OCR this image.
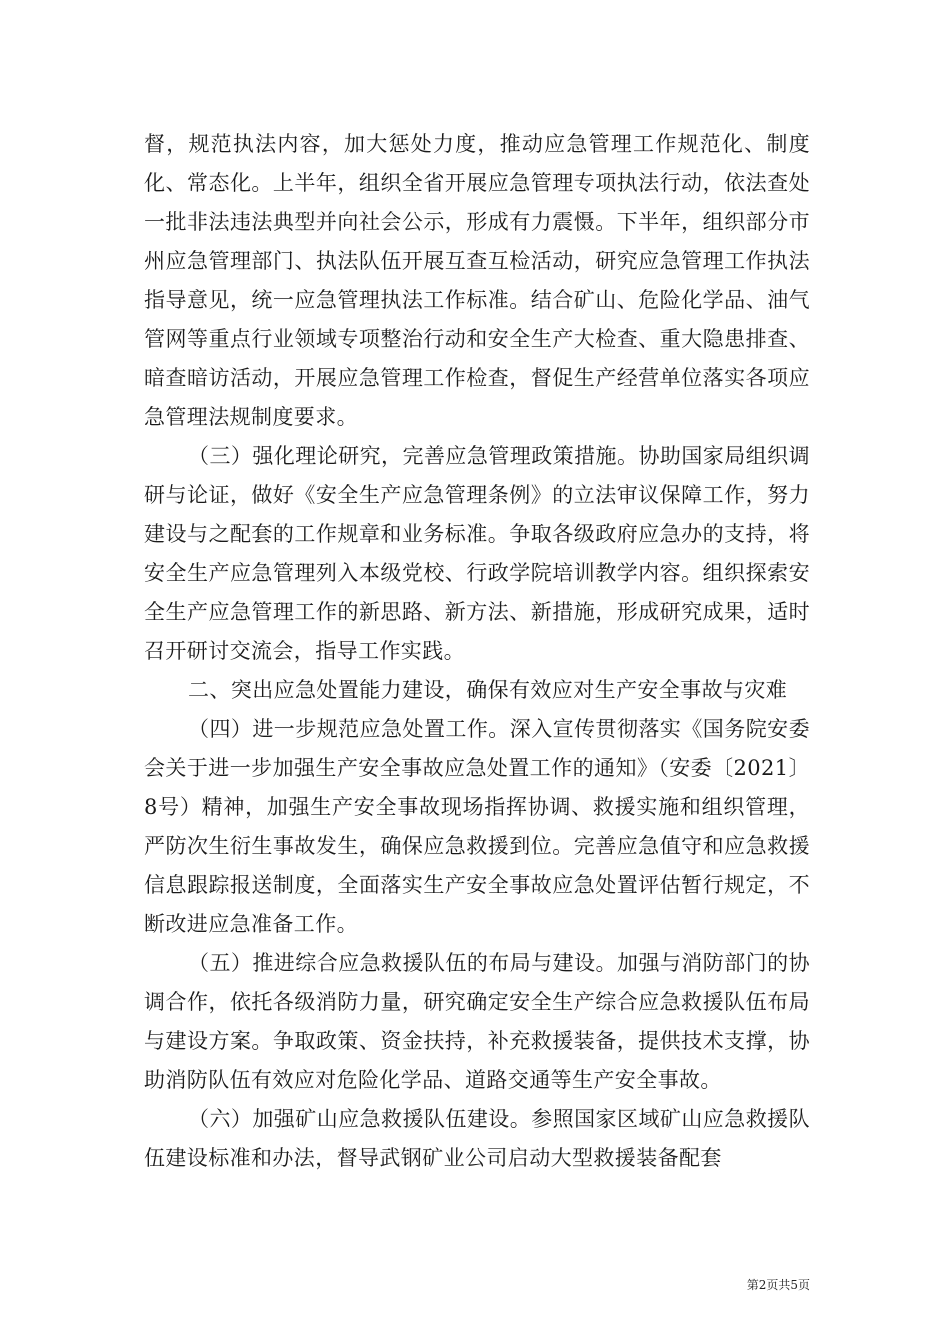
督，规范执法内容，加大惩处力度，推动应急管理工作规范化、制度化、常态化。上半年，组织全省开展应急管理专项执法行动，依法查处一批非法违法典型并向社会公示，形成有力震慑。下半年，组织部分市州应急管理部门、执法队伍开展互查互检活动，研究应急管理工作执法指导意见，统一应急管理执法工作标准。结合矿山、危险化学品、油气管网等重点行业领域专项整治行动和安全生产大检查、重大隐患排查、暗查暗访活动，开展应急管理工作检查，督促生产经营单位落实各项应急管理法规制度要求。

（三）强化理论研究，完善应急管理政策措施。协助国家局组织调研与论证，做好《安全生产应急管理条例》的立法审议保障工作，努力建设与之配套的工作规章和业务标准。争取各级政府应急办的支持，将安全生产应急管理列入本级党校、行政学院培训教学内容。组织探索安全生产应急管理工作的新思路、新方法、新措施，形成研究成果，适时召开研讨交流会，指导工作实践。

二、突出应急处置能力建设，确保有效应对生产安全事故与灾难

（四）进一步规范应急处置工作。深入宣传贯彻落实《国务院安委会关于进一步加强生产安全事故应急处置工作的通知》（安委〔2021〕8号）精神，加强生产安全事故现场指挥协调、救援实施和组织管理，严防次生衍生事故发生，确保应急救援到位。完善应急值守和应急救援信息跟踪报送制度，全面落实生产安全事故应急处置评估暂行规定，不断改进应急准备工作。

（五）推进综合应急救援队伍的布局与建设。加强与消防部门的协调合作，依托各级消防力量，研究确定安全生产综合应急救援队伍布局与建设方案。争取政策、资金扶持，补充救援装备，提供技术支撑，协助消防队伍有效应对危险化学品、道路交通等生产安全事故。

（六）加强矿山应急救援队伍建设。参照国家区域矿山应急救援队伍建设标准和办法，督导武钢矿业公司启动大型救援装备配套

第2页共5页
